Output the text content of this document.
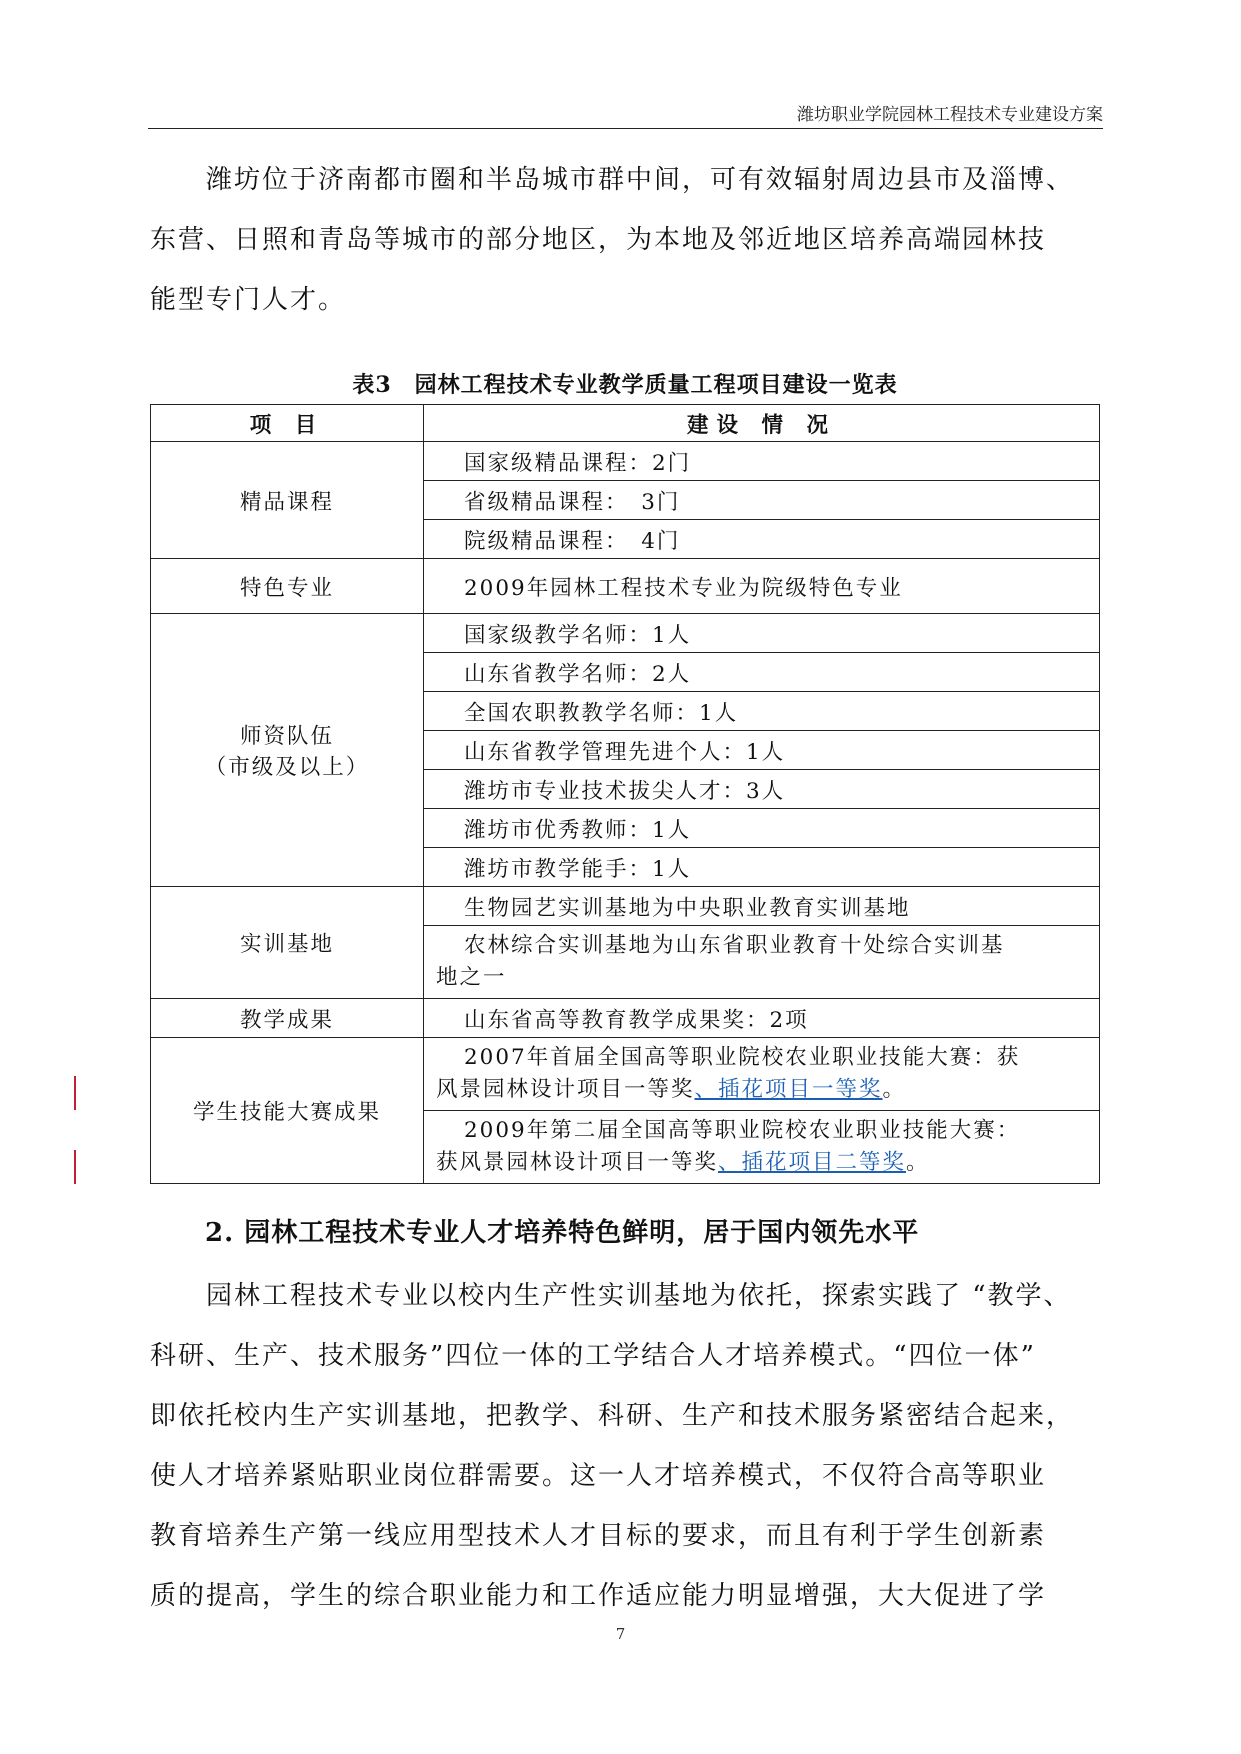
潍坊职业学院园林工程技术专业建设方案
潍坊位于济南都市圈和半岛城市群中间，可有效辐射周边县市及淄博、
东营、日照和青岛等城市的部分地区，为本地及邻近地区培养高端园林技
能型专门人才。
表3　园林工程技术专业教学质量工程项目建设一览表
项 目	建设 情 况
精品课程	国家级精品课程：2门
	省级精品课程：　3门
	院级精品课程：　4门
特色专业	2009年园林工程技术专业为院级特色专业

师资队伍
（市级及以上）	国家级教学名师：1人
	山东省教学名师：2人
	全国农职教教学名师：1人
	山东省教学管理先进个人：1人
	潍坊市专业技术拔尖人才：3人
	潍坊市优秀教师：1人
	潍坊市教学能手：1人
实训基地	生物园艺实训基地为中央职业教育实训基地

	农林综合实训基地为山东省职业教育十处综合实训基
地之一

教学成果	山东省高等教育教学成果奖：2项
学生技能大赛成果	2007年首届全国高等职业院校农业职业技能大赛：获
风景园林设计项目一等奖、插花项目一等奖。

	2009年第二届全国高等职业院校农业职业技能大赛：
获风景园林设计项目一等奖、插花项目二等奖。
2. 园林工程技术专业人才培养特色鲜明，居于国内领先水平
园林工程技术专业以校内生产性实训基地为依托，探索实践了 “教学、
科研、生产、技术服务”四位一体的工学结合人才培养模式。“四位一体”
即依托校内生产实训基地，把教学、科研、生产和技术服务紧密结合起来，
使人才培养紧贴职业岗位群需要。这一人才培养模式，不仅符合高等职业
教育培养生产第一线应用型技术人才目标的要求，而且有利于学生创新素
质的提高，学生的综合职业能力和工作适应能力明显增强，大大促进了学
7
